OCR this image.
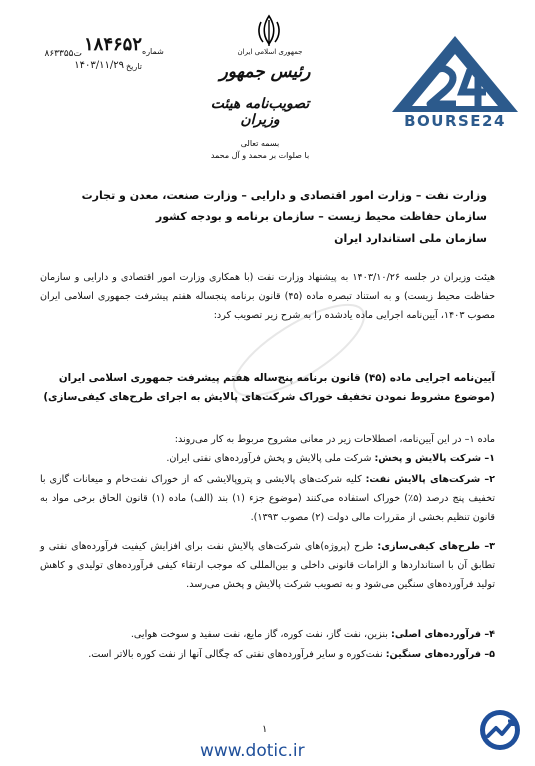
۱۸۴۶۵۲ شماره
ت۸۶۳۳۵۵
تاریخ
۱۴۰۳/۱۱/۲۹
جمهوری اسلامی ایران
رئیس جمهور
تصویب‌نامه هیئت وزیران	BOURSE24
بسمه تعالی
با صلوات بر محمد و آل محمد
وزارت نفت – وزارت امور اقتصادی و دارایی – وزارت صنعت، معدن و تجارت
سازمان حفاظت محیط زیست – سازمان برنامه و بودجه کشور
سازمان ملی استاندارد ایران
هیئت وزیران در جلسه ۱۴۰۳/۱۰/۲۶ به پیشنهاد وزارت نفت (با همکاری وزارت امور اقتصادی و دارایی و سازمان حفاظت محیط زیست) و به استناد تبصره ماده (۴۵) قانون برنامه پنجساله هفتم پیشرفت جمهوری اسلامی ایران مصوب ۱۴۰۳، آیین‌نامه اجرایی ماده یادشده را به شرح زیر تصویب کرد:
آیین‌نامه اجرایی ماده (۴۵) قانون برنامه پنج‌ساله هفتم پیشرفت جمهوری اسلامی ایران
(موضوع مشروط نمودن تخفیف خوراک شرکت‌های پالایش به اجرای طرح‌های کیفی‌سازی)
ماده ۱– در این آیین‌نامه، اصطلاحات زیر در معانی مشروح مربوط به کار می‌روند:
۱– شرکت پالایش و پخش: شرکت ملی پالایش و پخش فرآورده‌های نفتی ایران.
۲– شرکت‌های پالایش نفت: کلیه شرکت‌های پالایشی و پتروپالایشی که از خوراک نفت‌خام و میعانات گازی با تخفیف پنج درصد (۵٪) خوراک استفاده می‌کنند (موضوع جزء (۱) بند (الف) ماده (۱) قانون الحاق برخی مواد به قانون تنظیم بخشی از مقررات مالی دولت (۲) مصوب ۱۳۹۳).
۳– طرح‌های کیفی‌سازی: طرح (پروژه)های شرکت‌های پالایش نفت برای افزایش کیفیت فرآورده‌های نفتی و تطابق آن با استانداردها و الزامات قانونی داخلی و بین‌المللی که موجب ارتقاء کیفی فرآورده‌های تولیدی و کاهش تولید فرآورده‌های سنگین می‌شود و به تصویب شرکت پالایش و پخش می‌رسد.
۴– فرآورده‌های اصلی: بنزین، نفت گاز، نفت کوره، گاز مایع، نفت سفید و سوخت هوایی.
۵– فرآورده‌های سنگین: نفت‌کوره و سایر فرآورده‌های نفتی که چگالی آنها از نفت کوره بالاتر است.
۱
www.dotic.ir
